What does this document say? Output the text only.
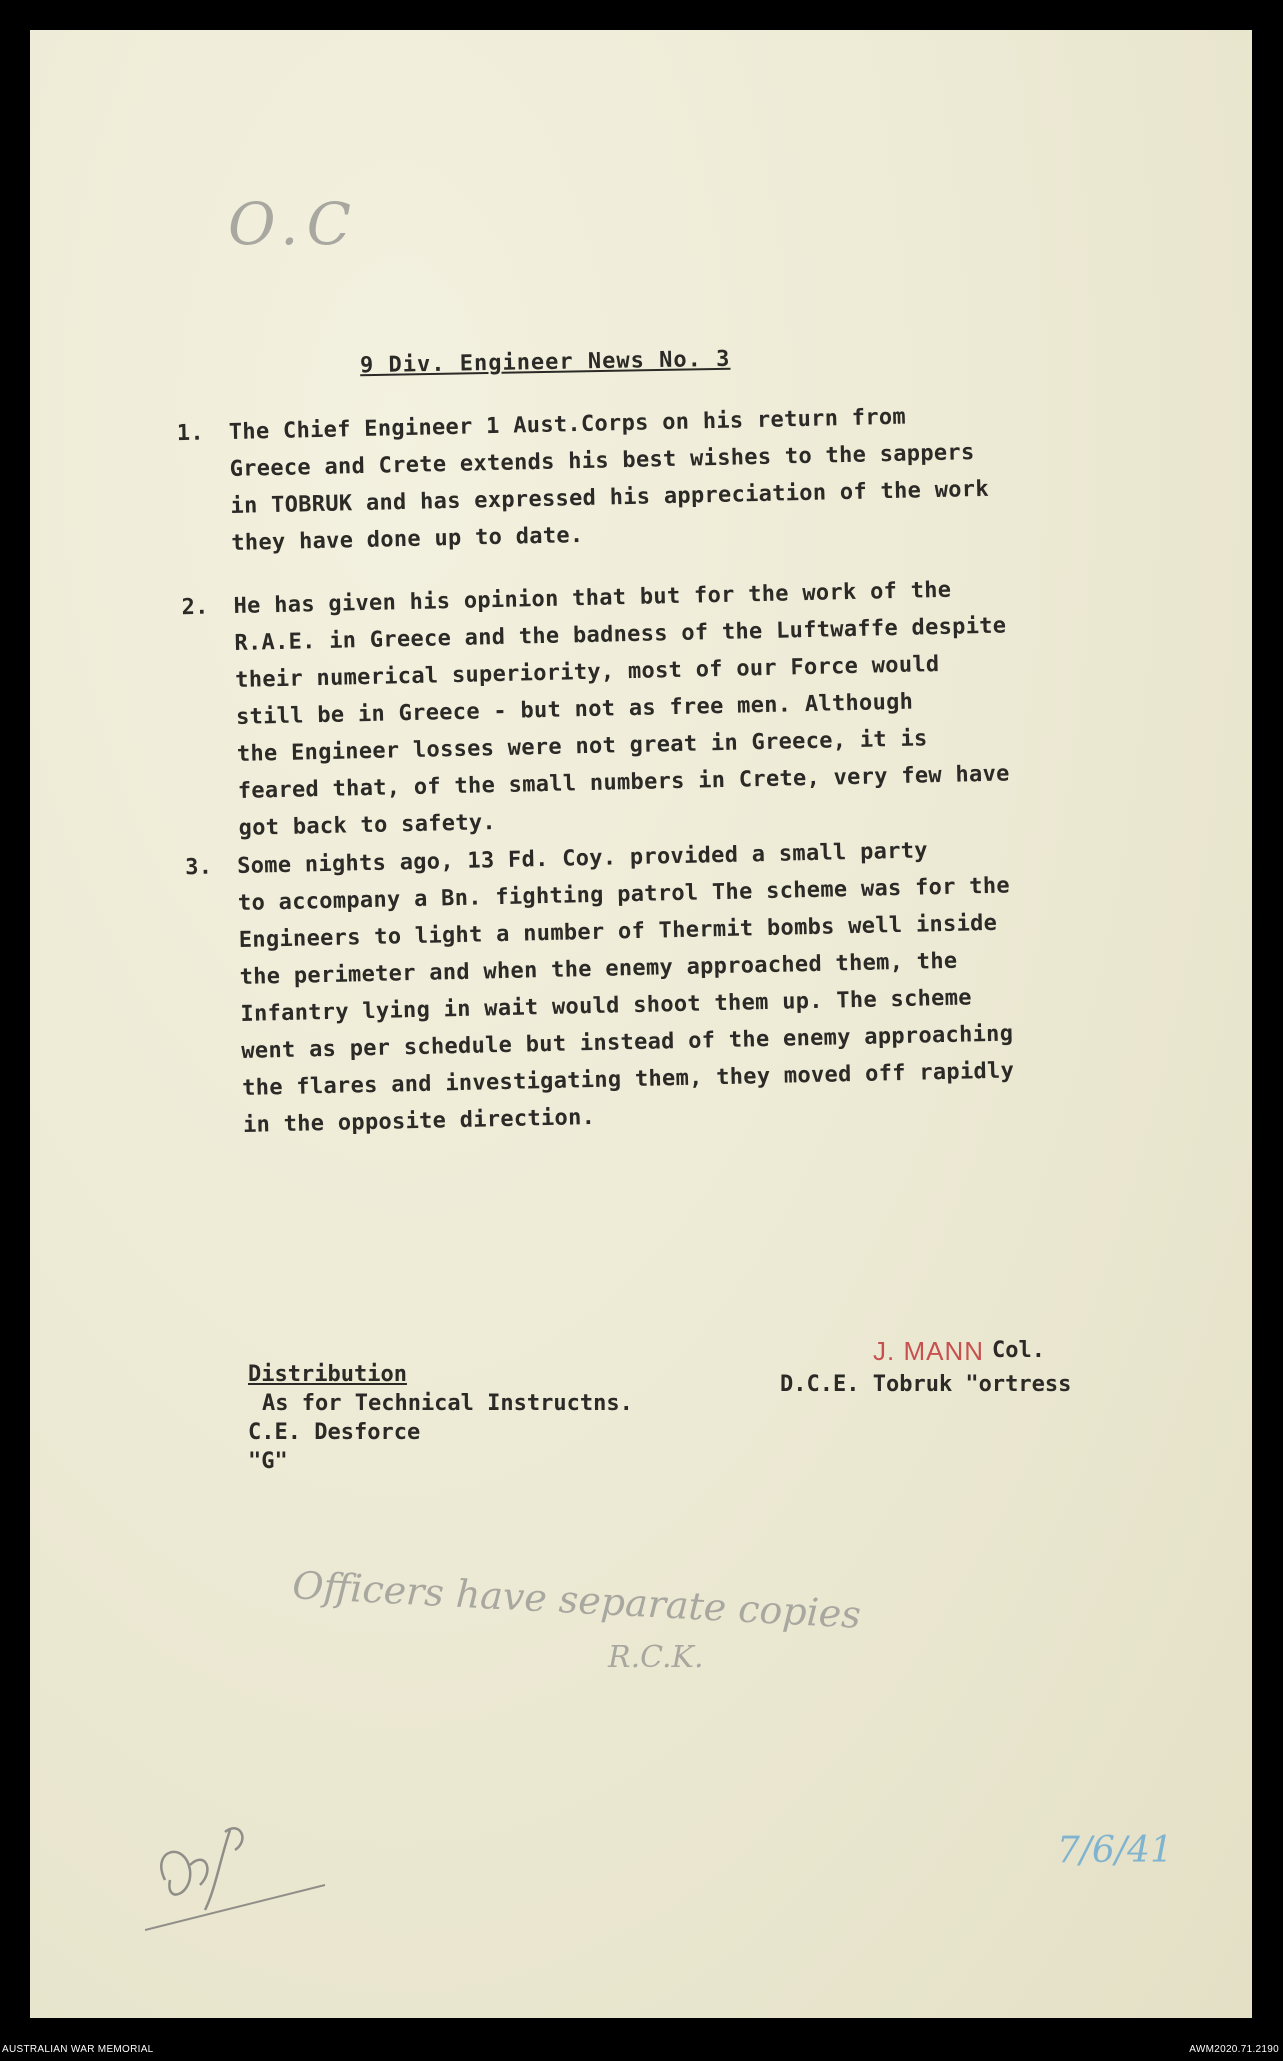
O.C
9 Div. Engineer News No. 3
1. The Chief Engineer 1 Aust.Corps on his return from
Greece and Crete extends his best wishes to the sappers
in TOBRUK and has expressed his appreciation of the work
they have done up to date.
2. He has given his opinion that but for the work of the
R.A.E. in Greece and the badness of the Luftwaffe despite
their numerical superiority, most of our Force would
still be in Greece - but not as free men. Although
the Engineer losses were not great in Greece, it is
feared that, of the small numbers in Crete, very few have
got back to safety.
3. Some nights ago, 13 Fd. Coy. provided a small party
to accompany a Bn. fighting patrol The scheme was for the
Engineers to light a number of Thermit bombs well inside
the perimeter and when the enemy approached them, the
Infantry lying in wait would shoot them up. The scheme
went as per schedule but instead of the enemy approaching
the flares and investigating them, they moved off rapidly
in the opposite direction.
Distribution
As for Technical Instructns.
C.E. Desforce
"G"
J. MANN Col.
D.C.E. Tobruk "ortress
Officers have separate copies
R.C.K.
7/6/41
AUSTRALIAN WAR MEMORIAL	AWM2020.71.2190
